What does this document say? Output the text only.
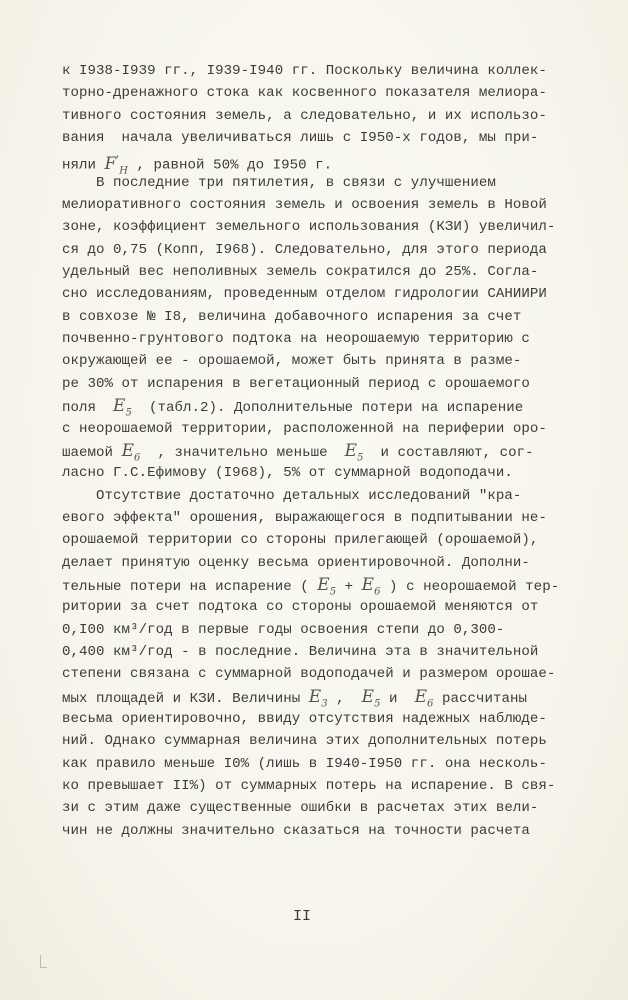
к I938-I939 гг., I939-I940 гг. Поскольку величина коллек-
торно-дренажного стока как косвенного показателя мелиора-
тивного состояния земель, а следовательно, и их использо-
вания  начала увеличиваться лишь с I950-х годов, мы при-
няли $F'_H$ , равной 50% до I950 г.
В последние три пятилетия, в связи с улучшением
мелиоративного состояния земель и освоения земель в Новой
зоне, коэффициент земельного использования (КЗИ) увеличил-
ся до 0,75 (Копп, I968). Следовательно, для этого периода
удельный вес неполивных земель сократился до 25%. Согла-
сно исследованиям, проведенным отделом гидрологии САНИИРИ
в совхозе № I8, величина добавочного испарения за счет
почвенно-грунтового подтока на неорошаемую территорию с
окружающей ее - орошаемой, может быть принята в разме-
ре 30% от испарения в вегетационный период с орошаемого
поля  $E_5$  (табл.2). Дополнительные потери на испарение
с неорошаемой территории, расположенной на периферии оро-
шаемой $E_6$  , значительно меньше  $E_5$  и составляют, сог-
ласно Г.С.Ефимову (I968), 5% от суммарной водоподачи.
Отсутствие достаточно детальных исследований "кра-
евого эффекта" орошения, выражающегося в подпитывании не-
орошаемой территории со стороны прилегающей (орошаемой),
делает принятую оценку весьма ориентировочной. Дополни-
тельные потери на испарение ( $E_5 + E_6$ ) с неорошаемой тер-
ритории за счет подтока со стороны орошаемой меняются от
0,I00 км³/год в первые годы освоения степи до 0,300-
0,400 км³/год - в последние. Величина эта в значительной
степени связана с суммарной водоподачей и размером орошае-
мых площадей и КЗИ. Величины $E_3$ ,  $E_5$ и  $E_6$ рассчитаны
весьма ориентировочно, ввиду отсутствия надежных наблюде-
ний. Однако суммарная величина этих дополнительных потерь
как правило меньше I0% (лишь в I940-I950 гг. она несколь-
ко превышает II%) от суммарных потерь на испарение. В свя-
зи с этим даже существенные ошибки в расчетах этих вели-
чин не должны значительно сказаться на точности расчета
II
